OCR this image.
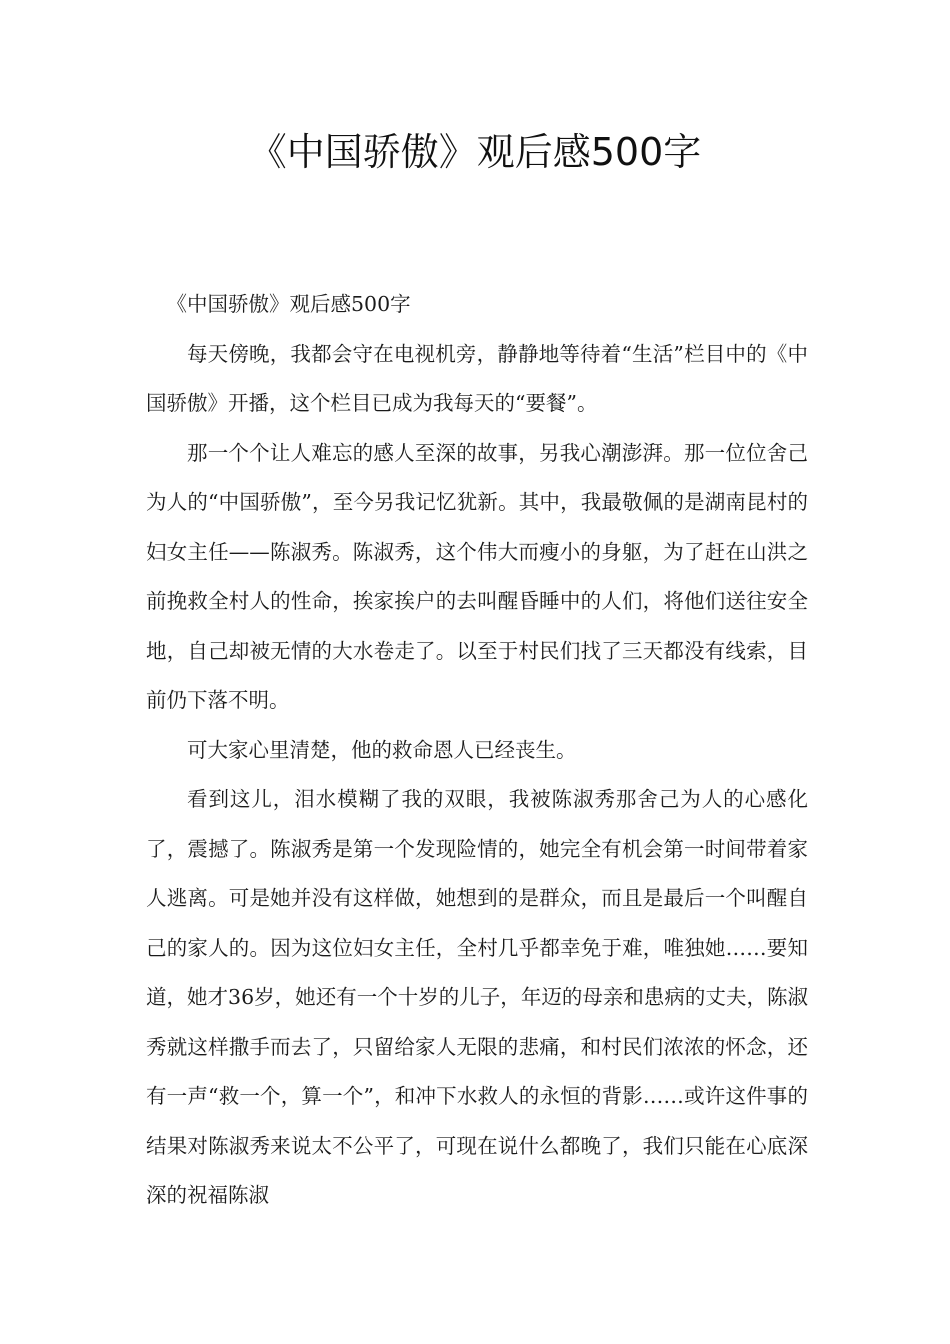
《中国骄傲》观后感500字

《中国骄傲》观后感500字

每天傍晚，我都会守在电视机旁，静静地等待着“生活”栏目中的《中国骄傲》开播，这个栏目已成为我每天的“要餐”。

那一个个让人难忘的感人至深的故事，另我心潮澎湃。那一位位舍己为人的“中国骄傲”，至今另我记忆犹新。其中，我最敬佩的是湖南昆村的妇女主任——陈淑秀。陈淑秀，这个伟大而瘦小的身躯，为了赶在山洪之前挽救全村人的性命，挨家挨户的去叫醒昏睡中的人们，将他们送往安全地，自己却被无情的大水卷走了。以至于村民们找了三天都没有线索，目前仍下落不明。

可大家心里清楚，他的救命恩人已经丧生。

看到这儿，泪水模糊了我的双眼，我被陈淑秀那舍己为人的心感化了，震撼了。陈淑秀是第一个发现险情的，她完全有机会第一时间带着家人逃离。可是她并没有这样做，她想到的是群众，而且是最后一个叫醒自己的家人的。因为这位妇女主任，全村几乎都幸免于难，唯独她……要知道，她才36岁，她还有一个十岁的儿子，年迈的母亲和患病的丈夫，陈淑秀就这样撒手而去了，只留给家人无限的悲痛，和村民们浓浓的怀念，还有一声“救一个，算一个”，和冲下水救人的永恒的背影……或许这件事的结果对陈淑秀来说太不公平了，可现在说什么都晚了，我们只能在心底深深的祝福陈淑
